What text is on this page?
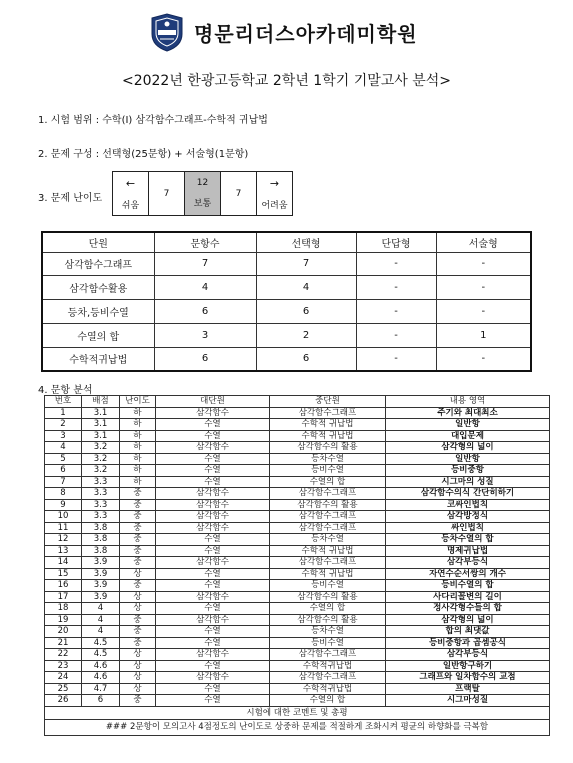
명문리더스아카데미학원
<2022년 한광고등학교 2학년 1학기 기말고사 분석>
1. 시험 범위 : 수학(I) 삼각함수그래프-수학적 귀납법
2. 문제 구성 : 선택형(25문항) + 서술형(1문항)
3. 문제 난이도
←
쉬움
	7	
12
보통
	7	
→
어려움
단원	문항수	선택형	단답형	서술형
삼각함수그래프	7	7	-	-
삼각함수활용	4	4	-	-
등차,등비수열	6	6	-	-
수열의 합	3	2	-	1
수학적귀납법	6	6	-	-
4. 문항 분석
번호	배점	난이도	대단원	중단원	내용 영역
1	3.1	하	삼각함수	삼각함수그래프	주기와 최대최소
2	3.1	하	수열	수학적 귀납법	일반항
3	3.1	하	수열	수학적 귀납법	대입문제
4	3.2	하	삼각함수	삼각함수의 활용	삼각형의 넓이
5	3.2	하	수열	등차수열	일반항
6	3.2	하	수열	등비수열	등비중항
7	3.3	하	수열	수열의 합	시그마의 성질
8	3.3	중	삼각함수	삼각함수그래프	삼각함수의식 간단히하기
9	3.3	중	삼각함수	삼각함수의 활용	코싸인법칙
10	3.3	중	삼각함수	삼각함수그래프	삼각방정식
11	3.8	중	삼각함수	삼각함수그래프	싸인법칙
12	3.8	중	수열	등차수열	등차수열의 합
13	3.8	중	수열	수학적 귀납법	명제귀납법
14	3.9	중	삼각함수	삼각함수그래프	삼각부등식
15	3.9	상	수열	수학적 귀납법	자연수순서쌍의 개수
16	3.9	중	수열	등비수열	등비수열의 합
17	3.9	상	삼각함수	삼각함수의 활용	사다리꼴변의 길이
18	4	상	수열	수열의 합	정사각형수들의 합
19	4	중	삼각함수	삼각함수의 활용	삼각형의 넓이
20	4	중	수열	등차수열	합의 최댓값
21	4.5	중	수열	등비수열	등비중항과 곱셈공식
22	4.5	상	삼각함수	삼각함수그래프	삼각부등식
23	4.6	상	수열	수학적귀납법	일반항구하기
24	4.6	상	삼각함수	삼각함수그래프	그래프와 일차함수의 교점
25	4.7	상	수열	수학적귀납법	프랙탈
26	6	중	수열	수열의 합	시그마성질
시험에 대한 코멘트 및 총평					
### 2문항이 모의고사 4점정도의 난이도로 상중하 문제를 적절하게 조화시켜 평균의 하향화를 극복함					
